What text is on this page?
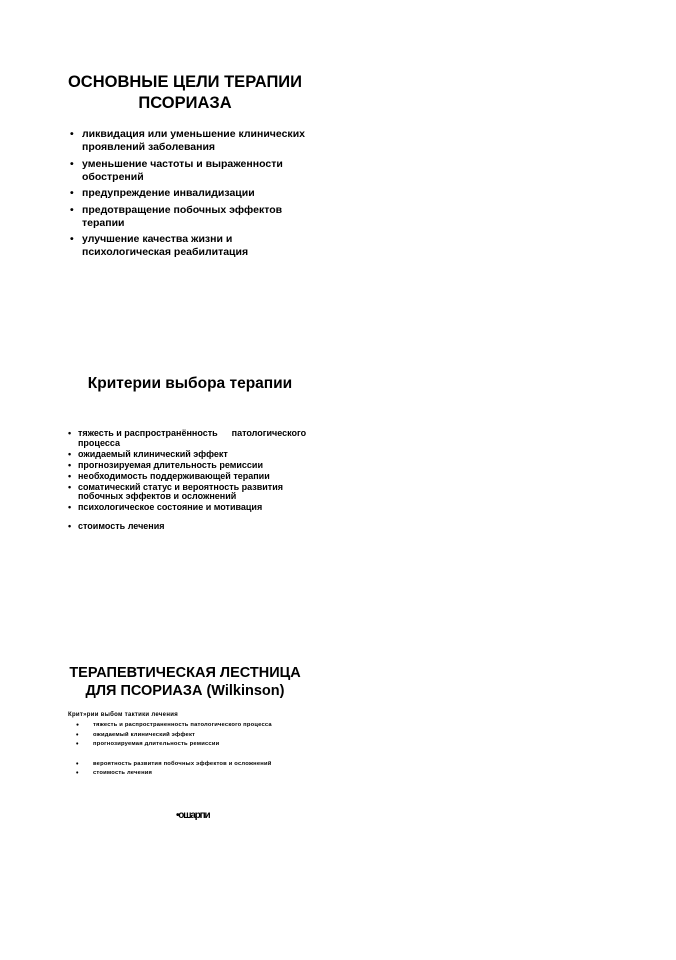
ОСНОВНЫЕ ЦЕЛИ ТЕРАПИИ
ПСОРИАЗА
• ликвидация или уменьшение клинических
проявлений заболевания
• уменьшение частоты и выраженности
обострений
• предупреждение инвалидизации
• предотвращение побочных эффектов
терапии
• улучшение качества жизни и
психологическая реабилитация
Критерии выбора терапии
• тяжесть и распространённость патологического
процесса
• ожидаемый клинический эффект
• прогнозируемая длительность ремиссии
• необходимость поддерживающей терапии
• соматический статус и вероятность развития
побочных эффектов и осложнений
• психологическое состояние и мотивация
• стоимость лечения
ТЕРАПЕВТИЧЕСКАЯ ЛЕСТНИЦА
ДЛЯ ПСОРИАЗА (Wilkinson)
Крит»рии выбом тактики лечения
● тяжесть и распространенность патологического процесса
• ожидаемый клинический эффект
• прогнозируемая длительность ремиссии
• вероятность развития побочных эффектов и осложнений
• стоимость лечения
•ошарпи
